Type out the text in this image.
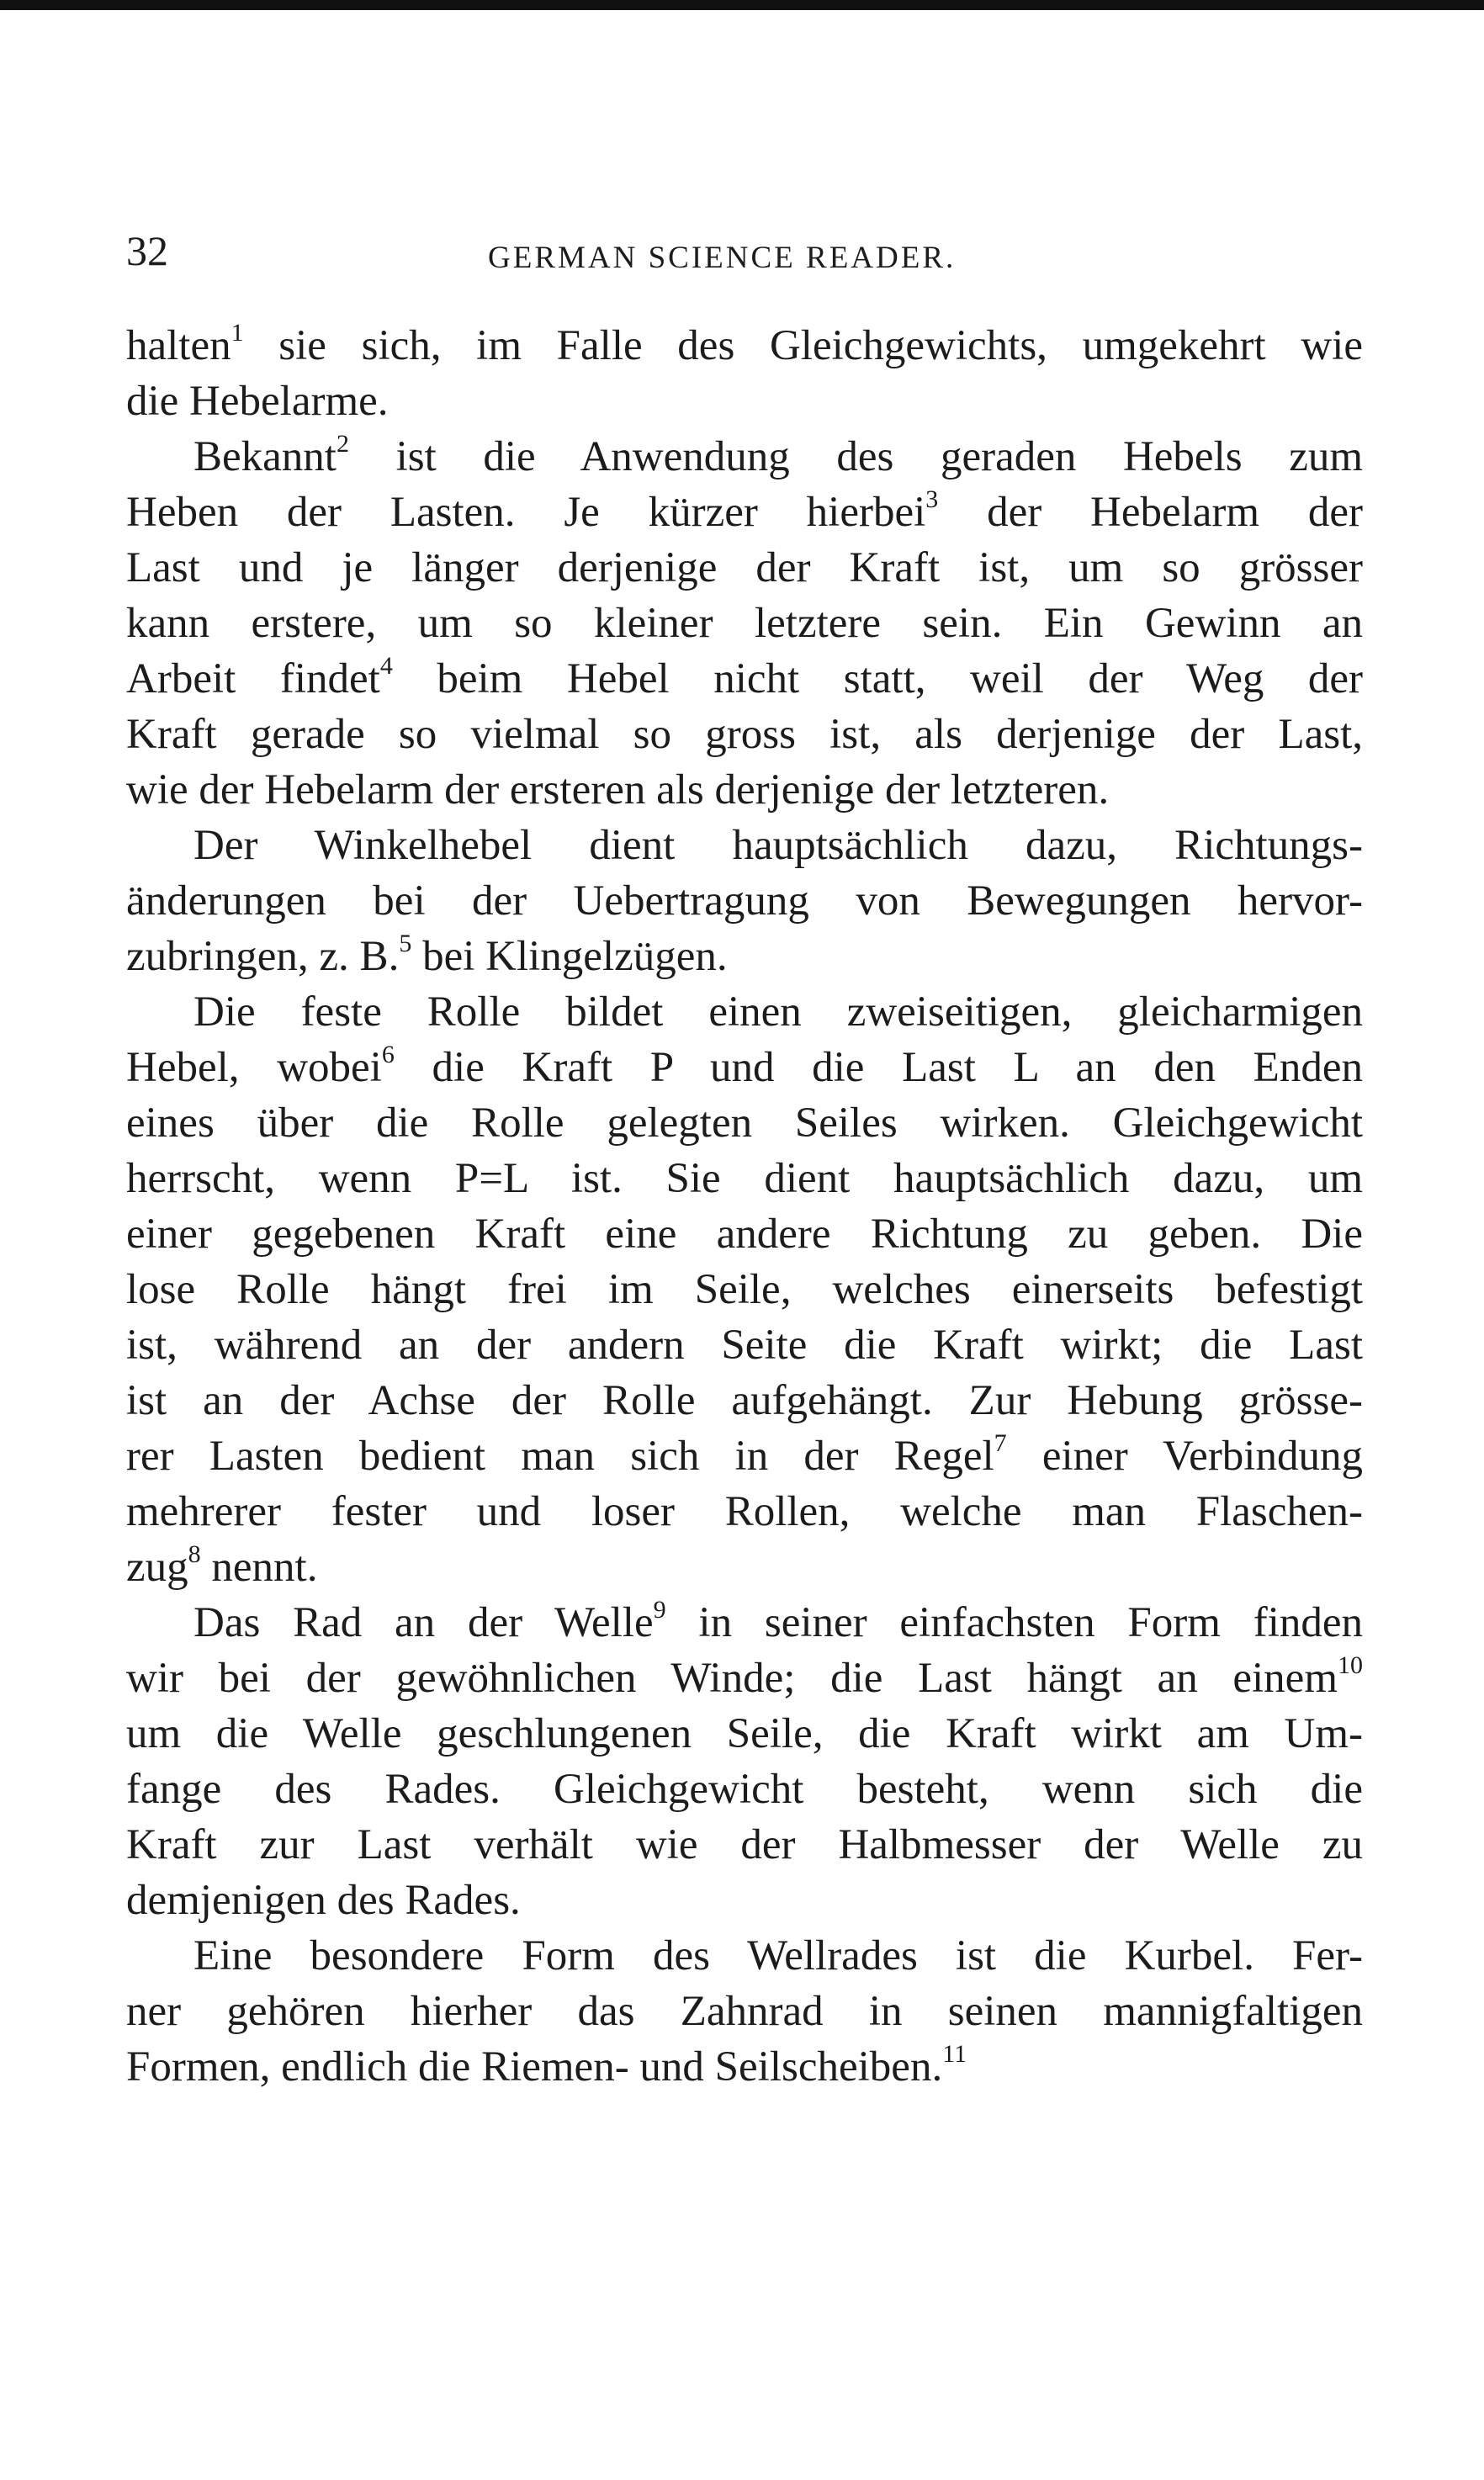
32	GERMAN SCIENCE READER.
halten$^1$ sie sich, im Falle des Gleichgewichts, umgekehrt wie
die Hebelarme.
Bekannt$^2$ ist die Anwendung des geraden Hebels zum
Heben der Lasten. Je kürzer hierbei$^3$ der Hebelarm der
Last und je länger derjenige der Kraft ist, um so grösser
kann erstere, um so kleiner letztere sein. Ein Gewinn an
Arbeit findet$^4$ beim Hebel nicht statt, weil der Weg der
Kraft gerade so vielmal so gross ist, als derjenige der Last,
wie der Hebelarm der ersteren als derjenige der letzteren.
Der Winkelhebel dient hauptsächlich dazu, Richtungs-
änderungen bei der Uebertragung von Bewegungen hervor-
zubringen, z. B.$^5$ bei Klingelzügen.
Die feste Rolle bildet einen zweiseitigen, gleicharmigen
Hebel, wobei$^6$ die Kraft P und die Last L an den Enden
eines über die Rolle gelegten Seiles wirken. Gleichgewicht
herrscht, wenn P=L ist. Sie dient hauptsächlich dazu, um
einer gegebenen Kraft eine andere Richtung zu geben. Die
lose Rolle hängt frei im Seile, welches einerseits befestigt
ist, während an der andern Seite die Kraft wirkt; die Last
ist an der Achse der Rolle aufgehängt. Zur Hebung grösse-
rer Lasten bedient man sich in der Regel$^7$ einer Verbindung
mehrerer fester und loser Rollen, welche man Flaschen-
zug$^8$ nennt.
Das Rad an der Welle$^9$ in seiner einfachsten Form finden
wir bei der gewöhnlichen Winde; die Last hängt an einem$^{10}$
um die Welle geschlungenen Seile, die Kraft wirkt am Um-
fange des Rades. Gleichgewicht besteht, wenn sich die
Kraft zur Last verhält wie der Halbmesser der Welle zu
demjenigen des Rades.
Eine besondere Form des Wellrades ist die Kurbel. Fer-
ner gehören hierher das Zahnrad in seinen mannigfaltigen
Formen, endlich die Riemen- und Seilscheiben.$^{11}$
